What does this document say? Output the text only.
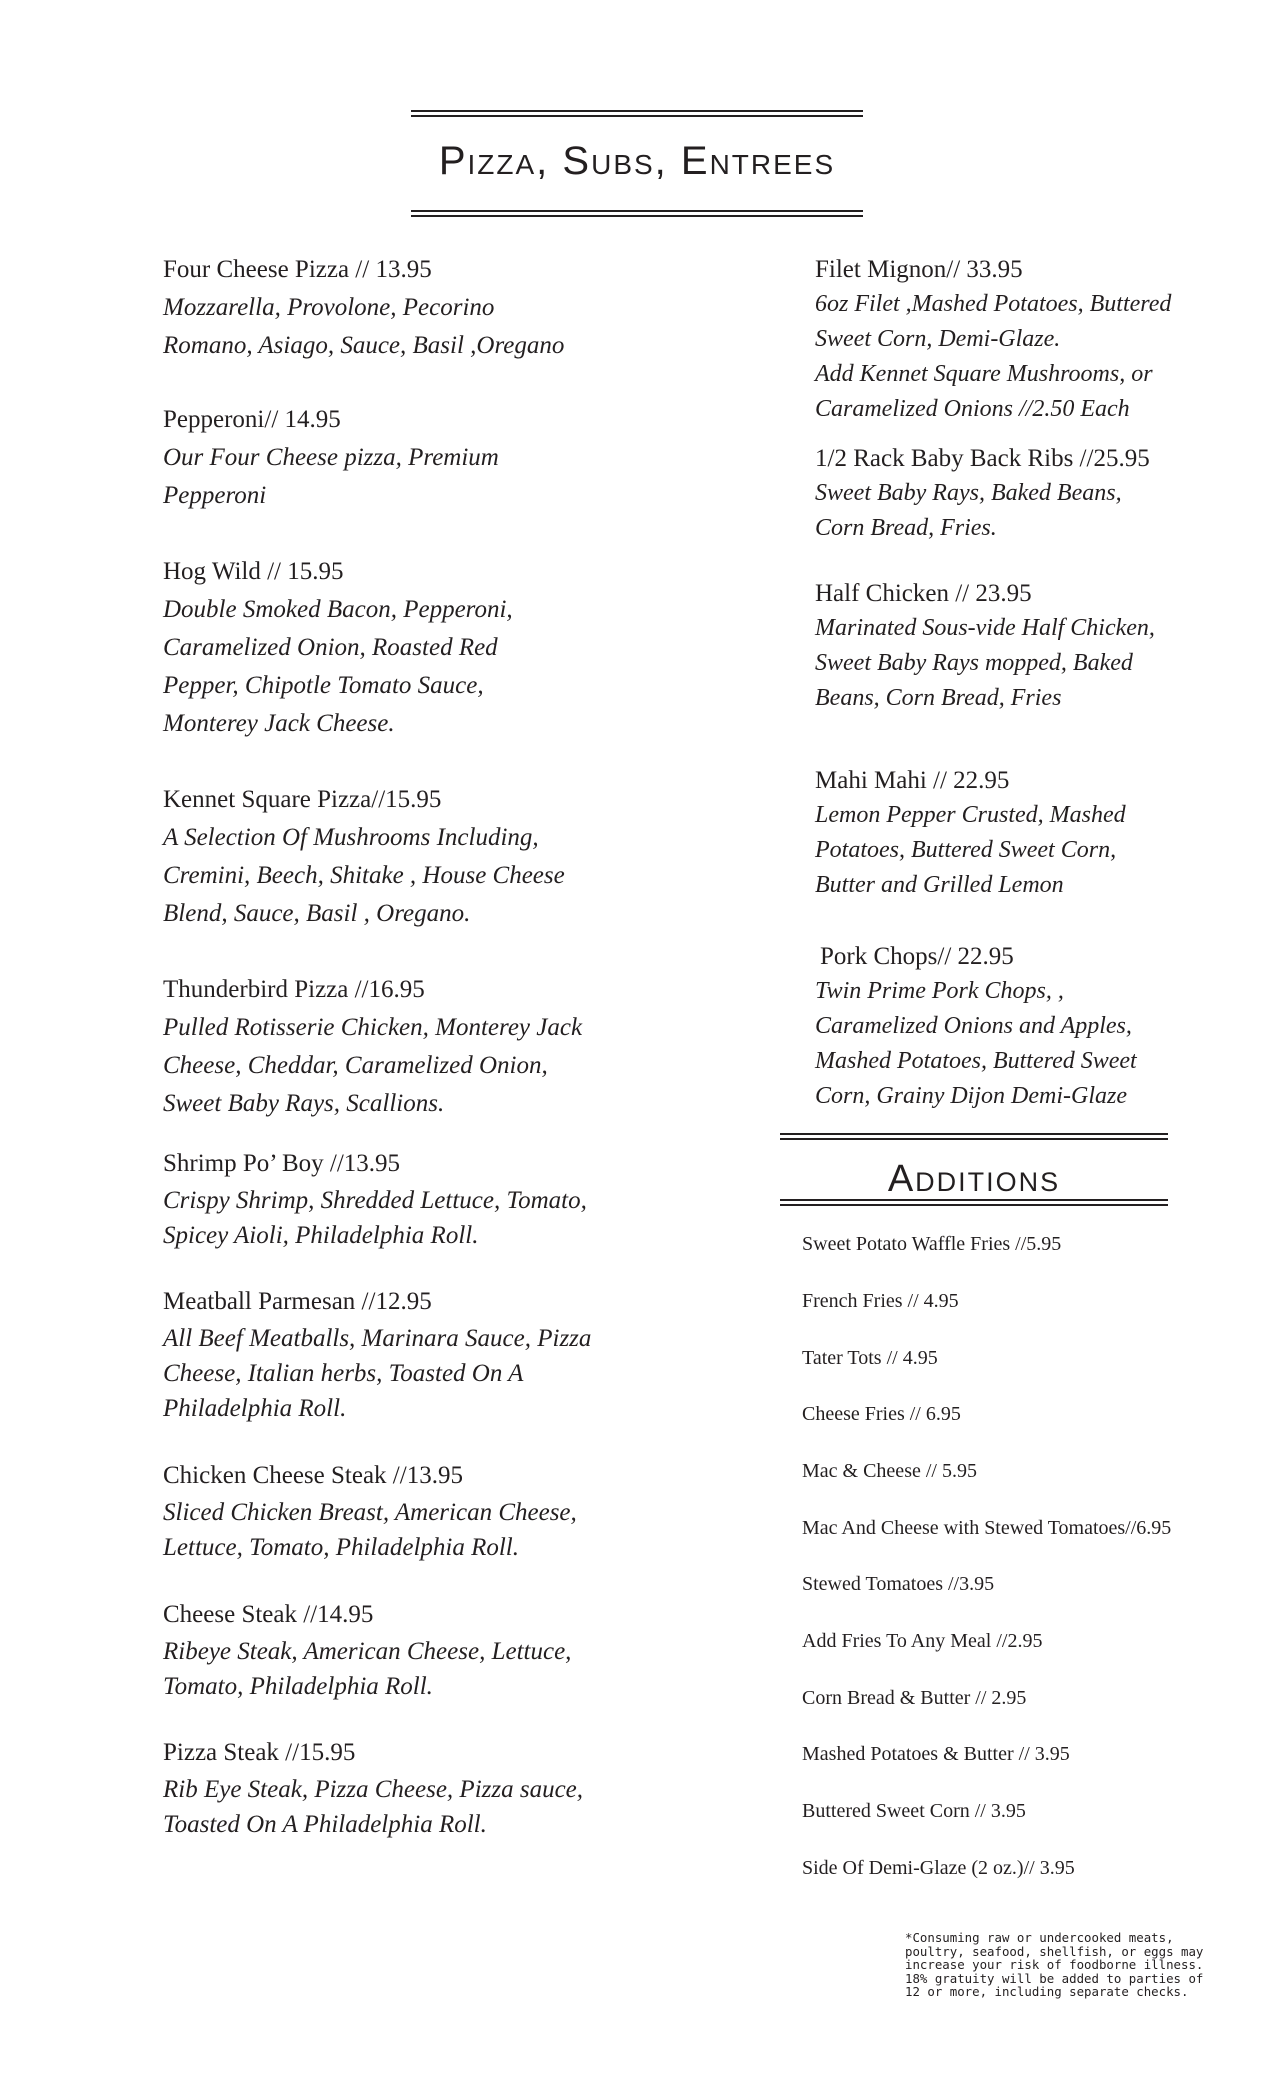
Pizza, Subs, Entrees
Four Cheese Pizza // 13.95
Mozzarella, Provolone, Pecorino
Romano, Asiago, Sauce, Basil ,Oregano
Pepperoni// 14.95
Our Four Cheese pizza, Premium
Pepperoni
Hog Wild // 15.95
Double Smoked Bacon, Pepperoni,
Caramelized Onion, Roasted Red
Pepper, Chipotle Tomato Sauce,
Monterey Jack Cheese.
Kennet Square Pizza//15.95
A Selection Of Mushrooms Including,
Cremini, Beech, Shitake , House Cheese
Blend, Sauce, Basil , Oregano.
Thunderbird Pizza //16.95
Pulled Rotisserie Chicken, Monterey Jack
Cheese, Cheddar, Caramelized Onion,
Sweet Baby Rays, Scallions.
Shrimp Po’ Boy //13.95
Crispy Shrimp, Shredded Lettuce, Tomato,
Spicey Aioli, Philadelphia Roll.
Meatball Parmesan //12.95
All Beef Meatballs, Marinara Sauce, Pizza
Cheese, Italian herbs, Toasted On A
Philadelphia Roll.
Chicken Cheese Steak //13.95
Sliced Chicken Breast, American Cheese,
Lettuce, Tomato, Philadelphia Roll.
Cheese Steak //14.95
Ribeye Steak, American Cheese, Lettuce,
Tomato, Philadelphia Roll.
Pizza Steak //15.95
Rib Eye Steak, Pizza Cheese, Pizza sauce,
Toasted On A Philadelphia Roll.
Filet Mignon// 33.95
6oz Filet ,Mashed Potatoes, Buttered
Sweet Corn, Demi-Glaze.
Add Kennet Square Mushrooms, or
Caramelized Onions //2.50 Each
1/2 Rack Baby Back Ribs //25.95
Sweet Baby Rays, Baked Beans,
Corn Bread, Fries.
Half Chicken // 23.95
Marinated Sous-vide Half Chicken,
Sweet Baby Rays mopped, Baked
Beans, Corn Bread, Fries
Mahi Mahi // 22.95
Lemon Pepper Crusted, Mashed
Potatoes, Buttered Sweet Corn,
Butter and Grilled Lemon
Pork Chops// 22.95
Twin Prime Pork Chops, ,
Caramelized Onions and Apples,
Mashed Potatoes, Buttered Sweet
Corn, Grainy Dijon Demi-Glaze
Additions
Sweet Potato Waffle Fries //5.95
French Fries // 4.95
Tater Tots // 4.95
Cheese Fries // 6.95
Mac & Cheese // 5.95
Mac And Cheese with Stewed Tomatoes//6.95
Stewed Tomatoes //3.95
Add Fries To Any Meal //2.95
Corn Bread & Butter // 2.95
Mashed Potatoes & Butter // 3.95
Buttered Sweet Corn // 3.95
Side Of Demi-Glaze (2 oz.)// 3.95
*Consuming raw or undercooked meats,
poultry, seafood, shellfish, or eggs may
increase your risk of foodborne illness.
18% gratuity will be added to parties of
12 or more, including separate checks.
